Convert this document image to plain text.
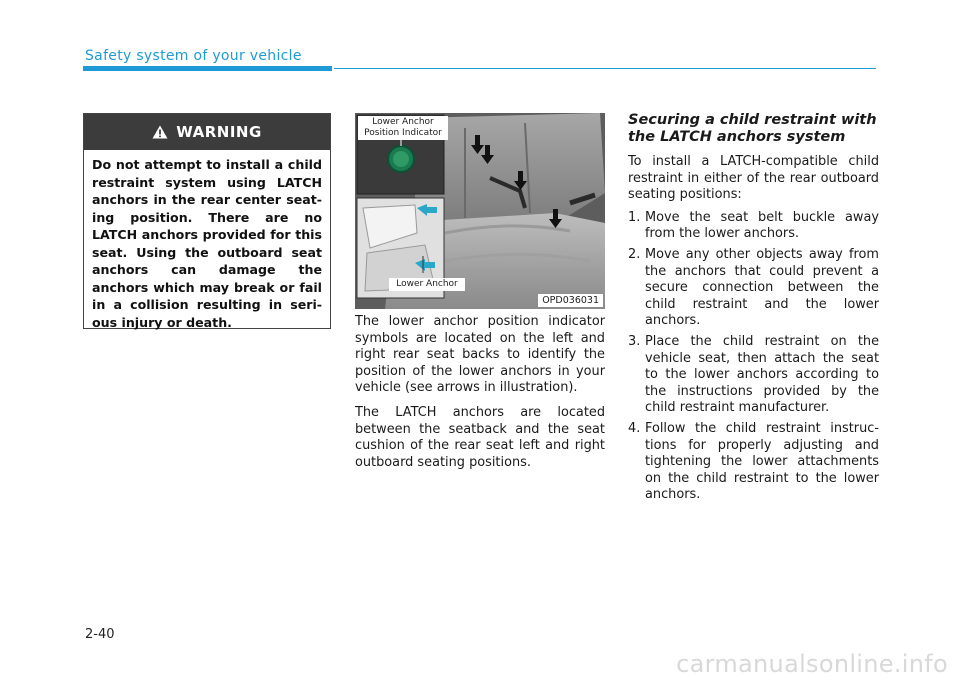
Safety system of your vehicle
WARNING

Do not attempt to install a child restraint system using LATCH anchors in the rear center seat-ing position. There are no LATCH anchors provided for this seat. Using the outboard seat anchors can damage the anchors which may break or fail in a collision resulting in seri-ous injury or death.

Lower Anchor Position Indicator
Lower Anchor
OPD036031

The lower anchor position indicator symbols are located on the left and right rear seat backs to identify the position of the lower anchors in your vehicle (see arrows in illustration).

The LATCH anchors are located between the seatback and the seat cushion of the rear seat left and right outboard seating positions.

Securing a child restraint with the LATCH anchors system

To install a LATCH-compatible child restraint in either of the rear outboard seating positions:

1. Move the seat belt buckle away from the lower anchors.
2. Move any other objects away from the anchors that could prevent a secure connection between the child restraint and the lower anchors.
3. Place the child restraint on the vehicle seat, then attach the seat to the lower anchors according to the instructions provided by the child restraint manufacturer.
4. Follow the child restraint instruc-tions for properly adjusting and tightening the lower attachments on the child restraint to the lower anchors.
2-40
carmanualsonline.info
